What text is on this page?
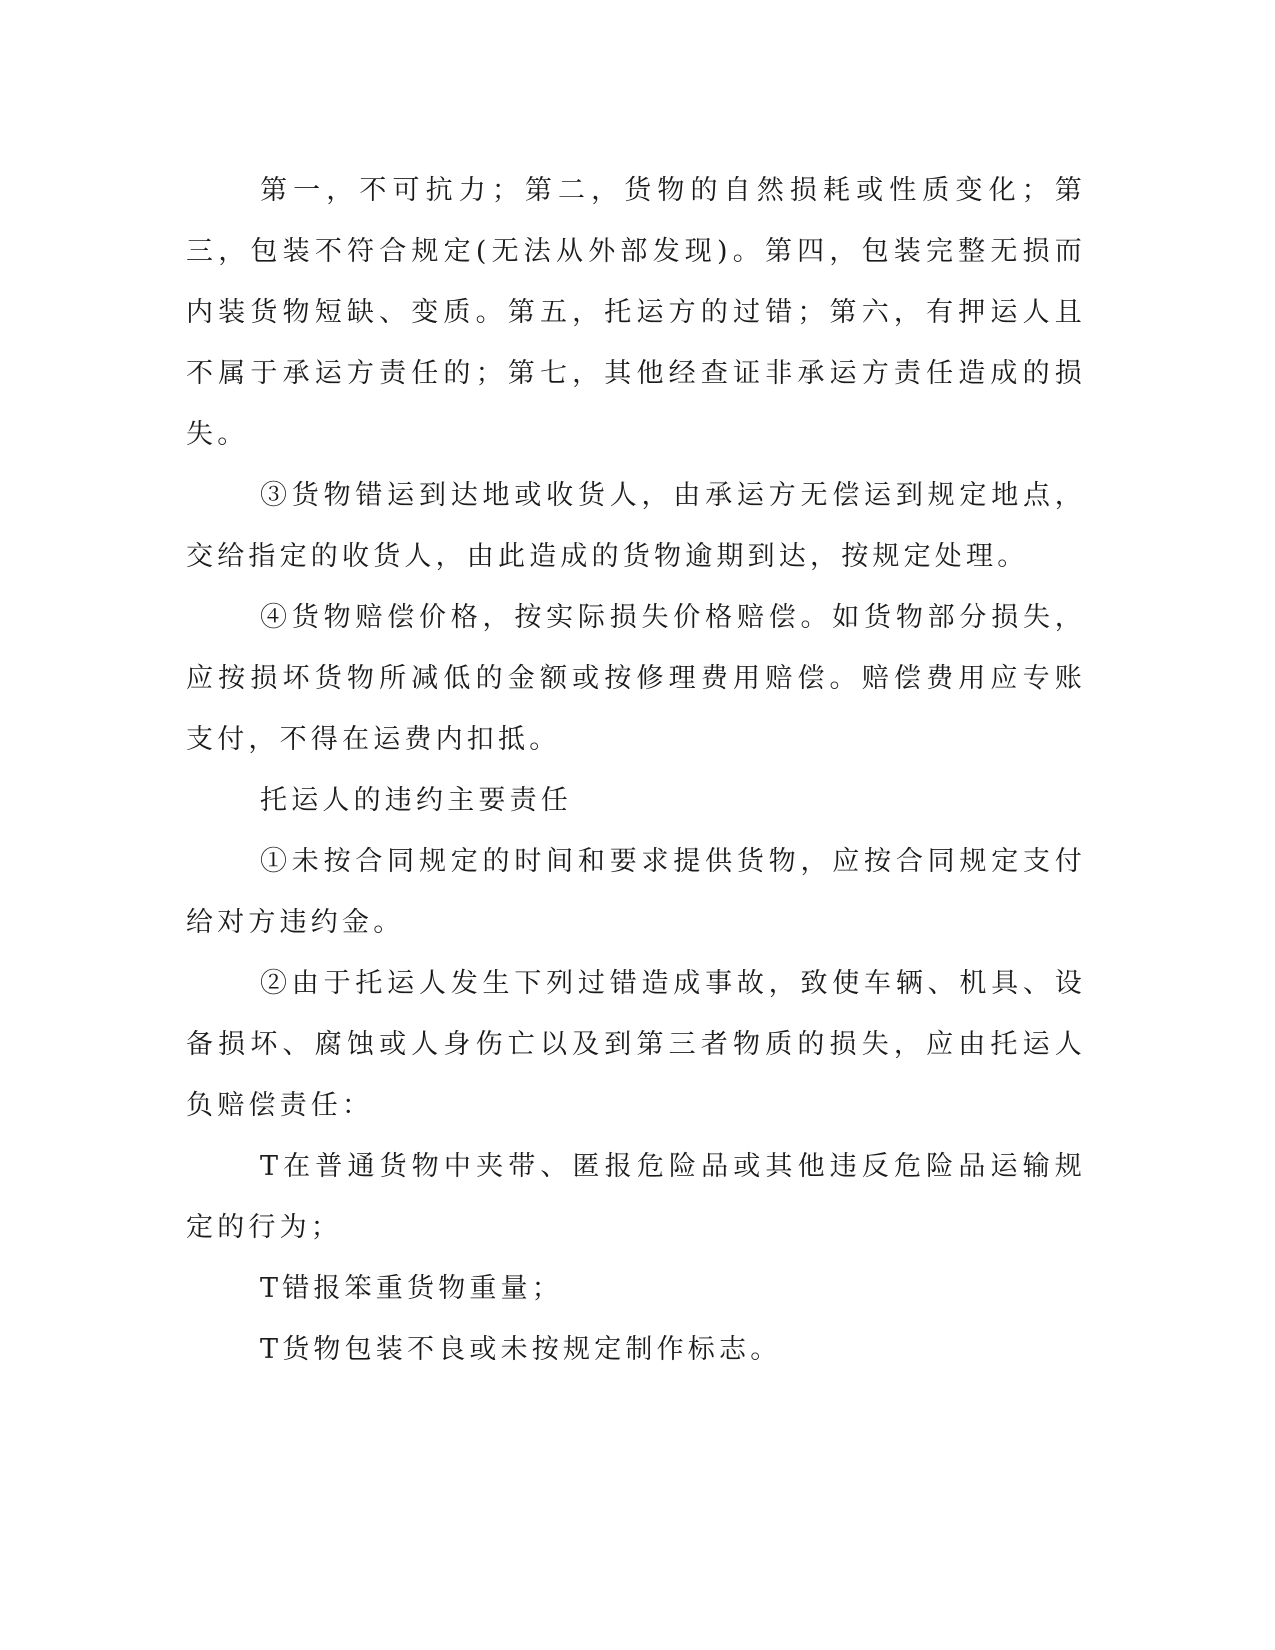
第一，不可抗力；第二，货物的自然损耗或性质变化；第三，包装不符合规定(无法从外部发现)。第四，包装完整无损而内装货物短缺、变质。第五，托运方的过错；第六，有押运人且不属于承运方责任的；第七，其他经查证非承运方责任造成的损失。

③货物错运到达地或收货人，由承运方无偿运到规定地点，交给指定的收货人，由此造成的货物逾期到达，按规定处理。

④货物赔偿价格，按实际损失价格赔偿。如货物部分损失，应按损坏货物所减低的金额或按修理费用赔偿。赔偿费用应专账支付，不得在运费内扣抵。

托运人的违约主要责任

①未按合同规定的时间和要求提供货物，应按合同规定支付给对方违约金。

②由于托运人发生下列过错造成事故，致使车辆、机具、设备损坏、腐蚀或人身伤亡以及到第三者物质的损失，应由托运人负赔偿责任：

T在普通货物中夹带、匿报危险品或其他违反危险品运输规定的行为；

T错报笨重货物重量；

T货物包装不良或未按规定制作标志。
